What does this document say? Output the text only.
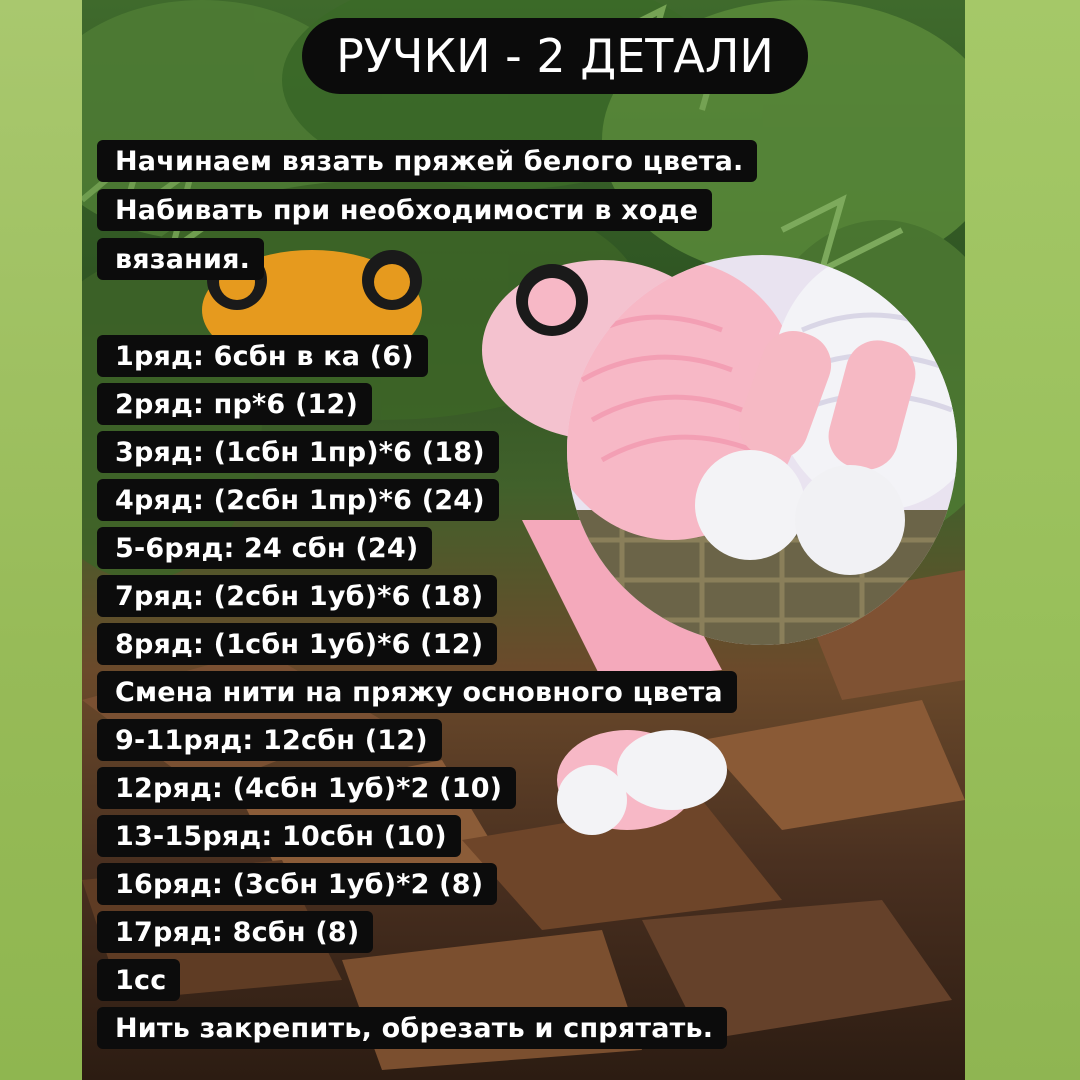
РУЧКИ - 2 ДЕТАЛИ
Начинаем вязать пряжей белого цвета.
Набивать при необходимости в ходе
вязания.
1ряд: 6сбн в ка (6)
2ряд: пр*6 (12)
3ряд: (1сбн 1пр)*6 (18)
4ряд: (2сбн 1пр)*6 (24)
5-6ряд: 24 сбн (24)
7ряд: (2сбн 1уб)*6 (18)
8ряд: (1сбн 1уб)*6 (12)
Смена нити на пряжу основного цвета
9-11ряд: 12сбн (12)
12ряд: (4сбн 1уб)*2 (10)
13-15ряд: 10сбн (10)
16ряд: (3сбн 1уб)*2 (8)
17ряд: 8сбн (8)
1сс
Нить закрепить, обрезать и спрятать.
